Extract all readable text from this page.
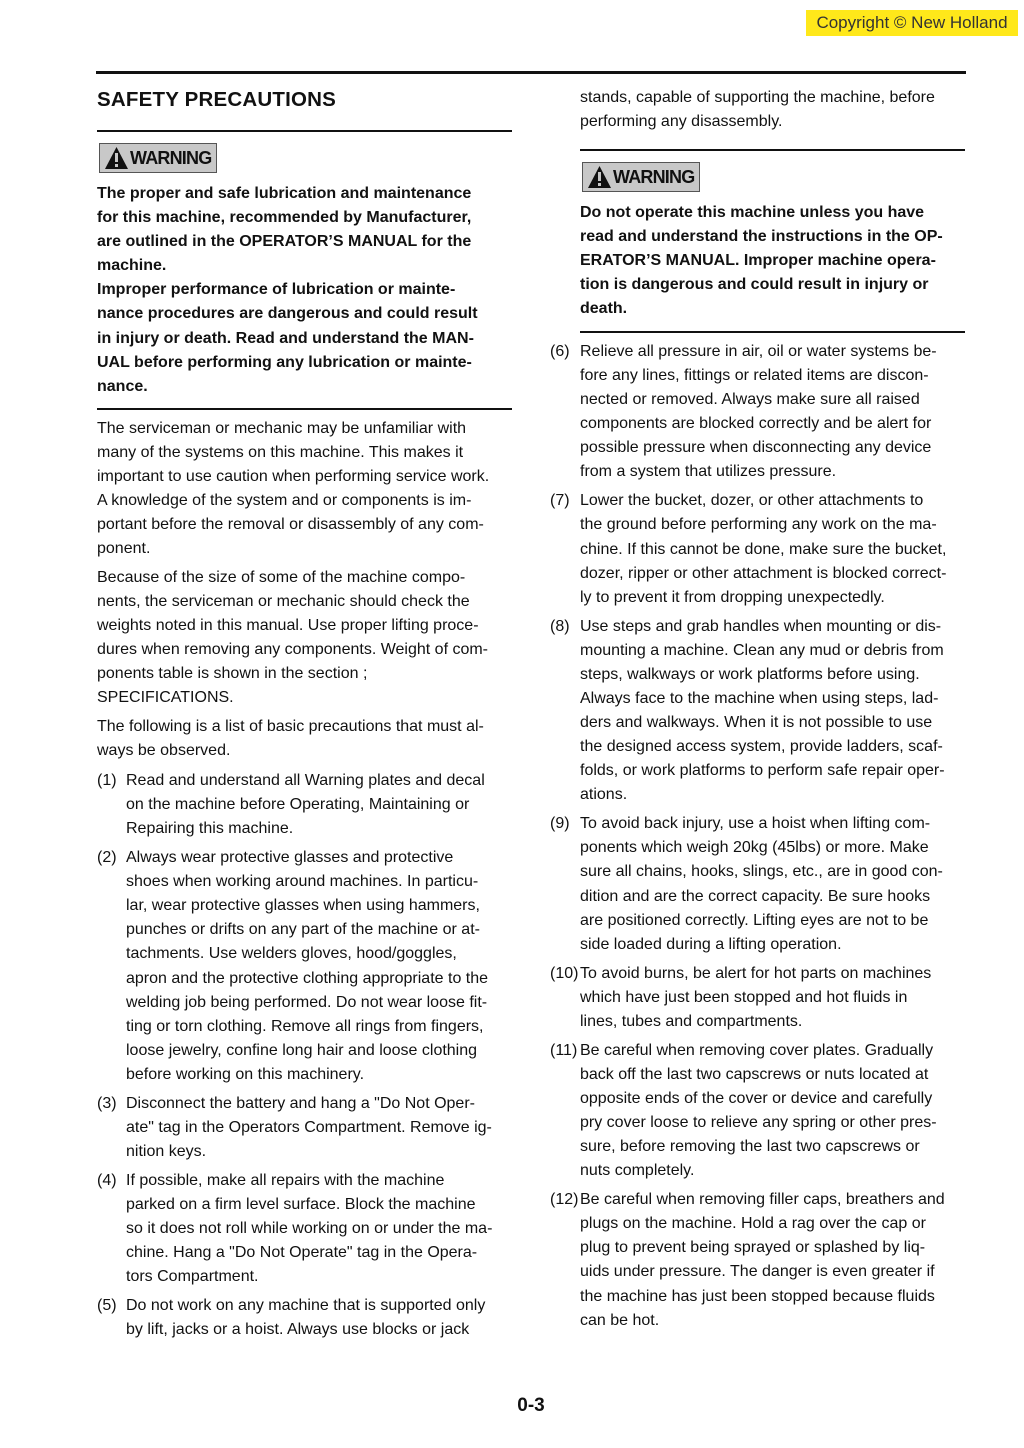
Copyright © New Holland
SAFETY PRECAUTIONS
WARNING
The proper and safe lubrication and maintenance
for this machine, recommended by Manufacturer,
are outlined in the OPERATOR’S MANUAL for the
machine.
Improper performance of lubrication or mainte-
nance procedures are dangerous and could result
in injury or death. Read and understand the MAN-
UAL before performing any lubrication or mainte-
nance.
The serviceman or mechanic may be unfamiliar with
many of the systems on this machine. This makes it
important to use caution when performing service work.
A knowledge of the system and or components is im-
portant before the removal or disassembly of any com-
ponent.
Because of the size of some of the machine compo-
nents, the serviceman or mechanic should check the
weights noted in this manual. Use proper lifting proce-
dures when removing any components. Weight of com-
ponents table is shown in the section ;
SPECIFICATIONS.
The following is a list of basic precautions that must al-
ways be observed.
(1) Read and understand all Warning plates and decal
on the machine before Operating, Maintaining or
Repairing this machine.
(2) Always wear protective glasses and protective
shoes when working around machines. In particu-
lar, wear protective glasses when using hammers,
punches or drifts on any part of the machine or at-
tachments. Use welders gloves, hood/goggles,
apron and the protective clothing appropriate to the
welding job being performed. Do not wear loose fit-
ting or torn clothing. Remove all rings from fingers,
loose jewelry, confine long hair and loose clothing
before working on this machinery.
(3) Disconnect the battery and hang a "Do Not Oper-
ate" tag in the Operators Compartment. Remove ig-
nition keys.
(4) If possible, make all repairs with the machine
parked on a firm level surface. Block the machine
so it does not roll while working on or under the ma-
chine. Hang a "Do Not Operate" tag in the Opera-
tors Compartment.
(5) Do not work on any machine that is supported only
by lift, jacks or a hoist. Always use blocks or jack
stands, capable of supporting the machine, before
performing any disassembly.
WARNING
Do not operate this machine unless you have
read and understand the instructions in the OP-
ERATOR’S MANUAL. Improper machine opera-
tion is dangerous and could result in injury or
death.
(6) Relieve all pressure in air, oil or water systems be-
fore any lines, fittings or related items are discon-
nected or removed. Always make sure all raised
components are blocked correctly and be alert for
possible pressure when disconnecting any device
from a system that utilizes pressure.
(7) Lower the bucket, dozer, or other attachments to
the ground before performing any work on the ma-
chine. If this cannot be done, make sure the bucket,
dozer, ripper or other attachment is blocked correct-
ly to prevent it from dropping unexpectedly.
(8) Use steps and grab handles when mounting or dis-
mounting a machine. Clean any mud or debris from
steps, walkways or work platforms before using.
Always face to the machine when using steps, lad-
ders and walkways. When it is not possible to use
the designed access system, provide ladders, scaf-
folds, or work platforms to perform safe repair oper-
ations.
(9) To avoid back injury, use a hoist when lifting com-
ponents which weigh 20kg (45lbs) or more. Make
sure all chains, hooks, slings, etc., are in good con-
dition and are the correct capacity. Be sure hooks
are positioned correctly. Lifting eyes are not to be
side loaded during a lifting operation.
(10) To avoid burns, be alert for hot parts on machines
which have just been stopped and hot fluids in
lines, tubes and compartments.
(11) Be careful when removing cover plates. Gradually
back off the last two capscrews or nuts located at
opposite ends of the cover or device and carefully
pry cover loose to relieve any spring or other pres-
sure, before removing the last two capscrews or
nuts completely.
(12) Be careful when removing filler caps, breathers and
plugs on the machine. Hold a rag over the cap or
plug to prevent being sprayed or splashed by liq-
uids under pressure. The danger is even greater if
the machine has just been stopped because fluids
can be hot.
0-3
